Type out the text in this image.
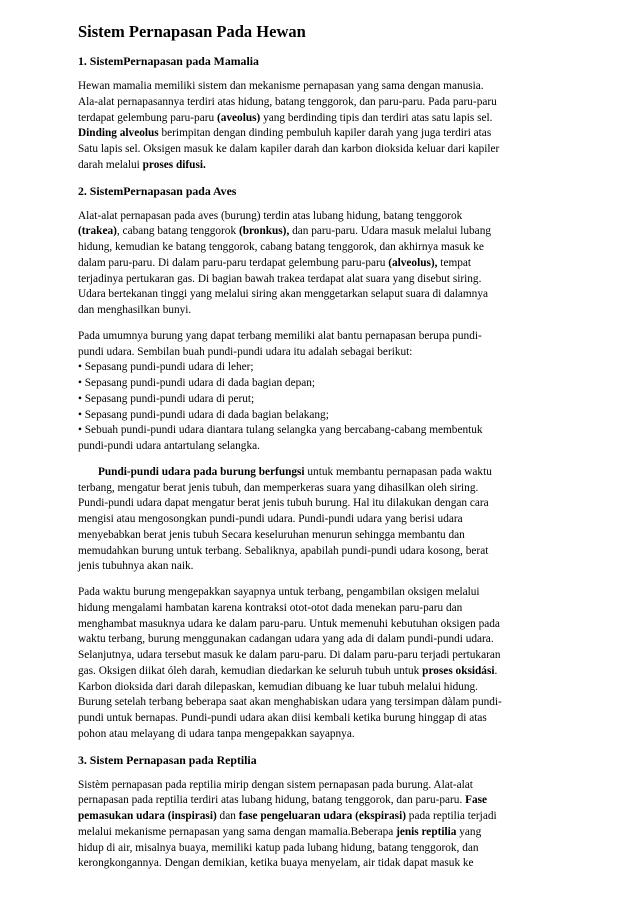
Sistem Pernapasan Pada Hewan
1. SistemPernapasan pada Mamalia
Hewan mamalia memiliki sistem dan mekanisme pernapasan yang sama dengan manusia.
Ala-alat pernapasannya terdiri atas hidung, batang tenggorok, dan paru-paru. Pada paru-paru
terdapat gelembung paru-paru (aveolus) yang berdinding tipis dan terdiri atas satu lapis sel.
Dinding alveolus berimpitan dengan dinding pembuluh kapiler darah yang juga terdiri atas
Satu lapis sel. Oksigen masuk ke dalam kapiler darah dan karbon dioksida keluar dari kapiler
darah melalui proses difusi.
2. SistemPernapasan pada Aves
Alat-alat pernapasan pada aves (burung) terdin atas lubang hidung, batang tenggorok
(trakea), cabang batang tenggorok (bronkus), dan paru-paru. Udara masuk melalui lubang
hidung, kemudian ke batang tenggorok, cabang batang tenggorok, dan akhirnya masuk ke
dalam paru-paru. Di dalam paru-paru terdapat gelembung paru-paru (alveolus), tempat
terjadinya pertukaran gas. Di bagian bawah trakea terdapat alat suara yang disebut siring.
Udara bertekanan tinggi yang melalui siring akan menggetarkan selaput suara di dalamnya
dan menghasilkan bunyi.
Pada umumnya burung yang dapat terbang memiliki alat bantu pernapasan berupa pundi-
pundi udara. Sembilan buah pundi-pundi udara itu adalah sebagai berikut:
• Sepasang pundi-pundi udara di leher;
• Sepasang pundi-pundi udara di dada bagian depan;
• Sepasang pundi-pundi udara di perut;
• Sepasang pundi-pundi udara di dada bagian belakang;
• Sebuah pundi-pundi udara diantara tulang selangka yang bercabang-cabang membentuk
pundi-pundi udara antartulang selangka.
Pundi-pundi udara pada burung berfungsi untuk membantu pernapasan pada waktu
terbang, mengatur berat jenis tubuh, dan memperkeras suara yang dihasilkan oleh siring.
Pundi-pundi udara dapat mengatur berat jenis tubuh burung. Hal itu dilakukan dengan cara
mengisi atau mengosongkan pundi-pundi udara. Pundi-pundi udara yang berisi udara
menyebabkan berat jenis tubuh Secara keseluruhan menurun sehingga membantu dan
memudahkan burung untuk terbang. Sebaliknya, apabilah pundi-pundi udara kosong, berat
jenis tubuhnya akan naik.
Pada waktu burung mengepakkan sayapnya untuk terbang, pengambilan oksigen melalui
hidung mengalami hambatan karena kontraksi otot-otot dada menekan paru-paru dan
menghambat masuknya udara ke dalam paru-paru. Untuk memenuhi kebutuhan oksigen pada
waktu terbang, burung menggunakan cadangan udara yang ada di dalam pundi-pundi udara.
Selanjutnya, udara tersebut masuk ke dalam paru-paru. Di dalam paru-paru terjadi pertukaran
gas. Oksigen diikat óleh darah, kemudian diedarkan ke seluruh tubuh untuk proses oksidási.
Karbon dioksida dari darah dilepaskan, kemudian dibuang ke luar tubuh melalui hidung.
Burung setelah terbang beberapa saat akan menghabiskan udara yang tersimpan dàlam pundi-
pundi untuk bernapas. Pundi-pundi udara akan diisi kembali ketika burung hinggap di atas
pohon atau melayang di udara tanpa mengepakkan sayapnya.
3. Sistem Pernapasan pada Reptilia
Sistèm pernapasan pada reptilia mirip dengan sistem pernapasan pada burung. Alat-alat
pernapasan pada reptilia terdiri atas lubang hidung, batang tenggorok, dan paru-paru. Fase
pemasukan udara (inspirasi) dan fase pengeluaran udara (ekspirasi) pada reptilia terjadi
melalui mekanisme pernapasan yang sama dengan mamalia.Beberapa jenis reptilia yang
hidup di air, misalnya buaya, memiliki katup pada lubang hidung, batang tenggorok, dan
kerongkongannya. Dengan demikian, ketika buaya menyelam, air tidak dapat masuk ke
